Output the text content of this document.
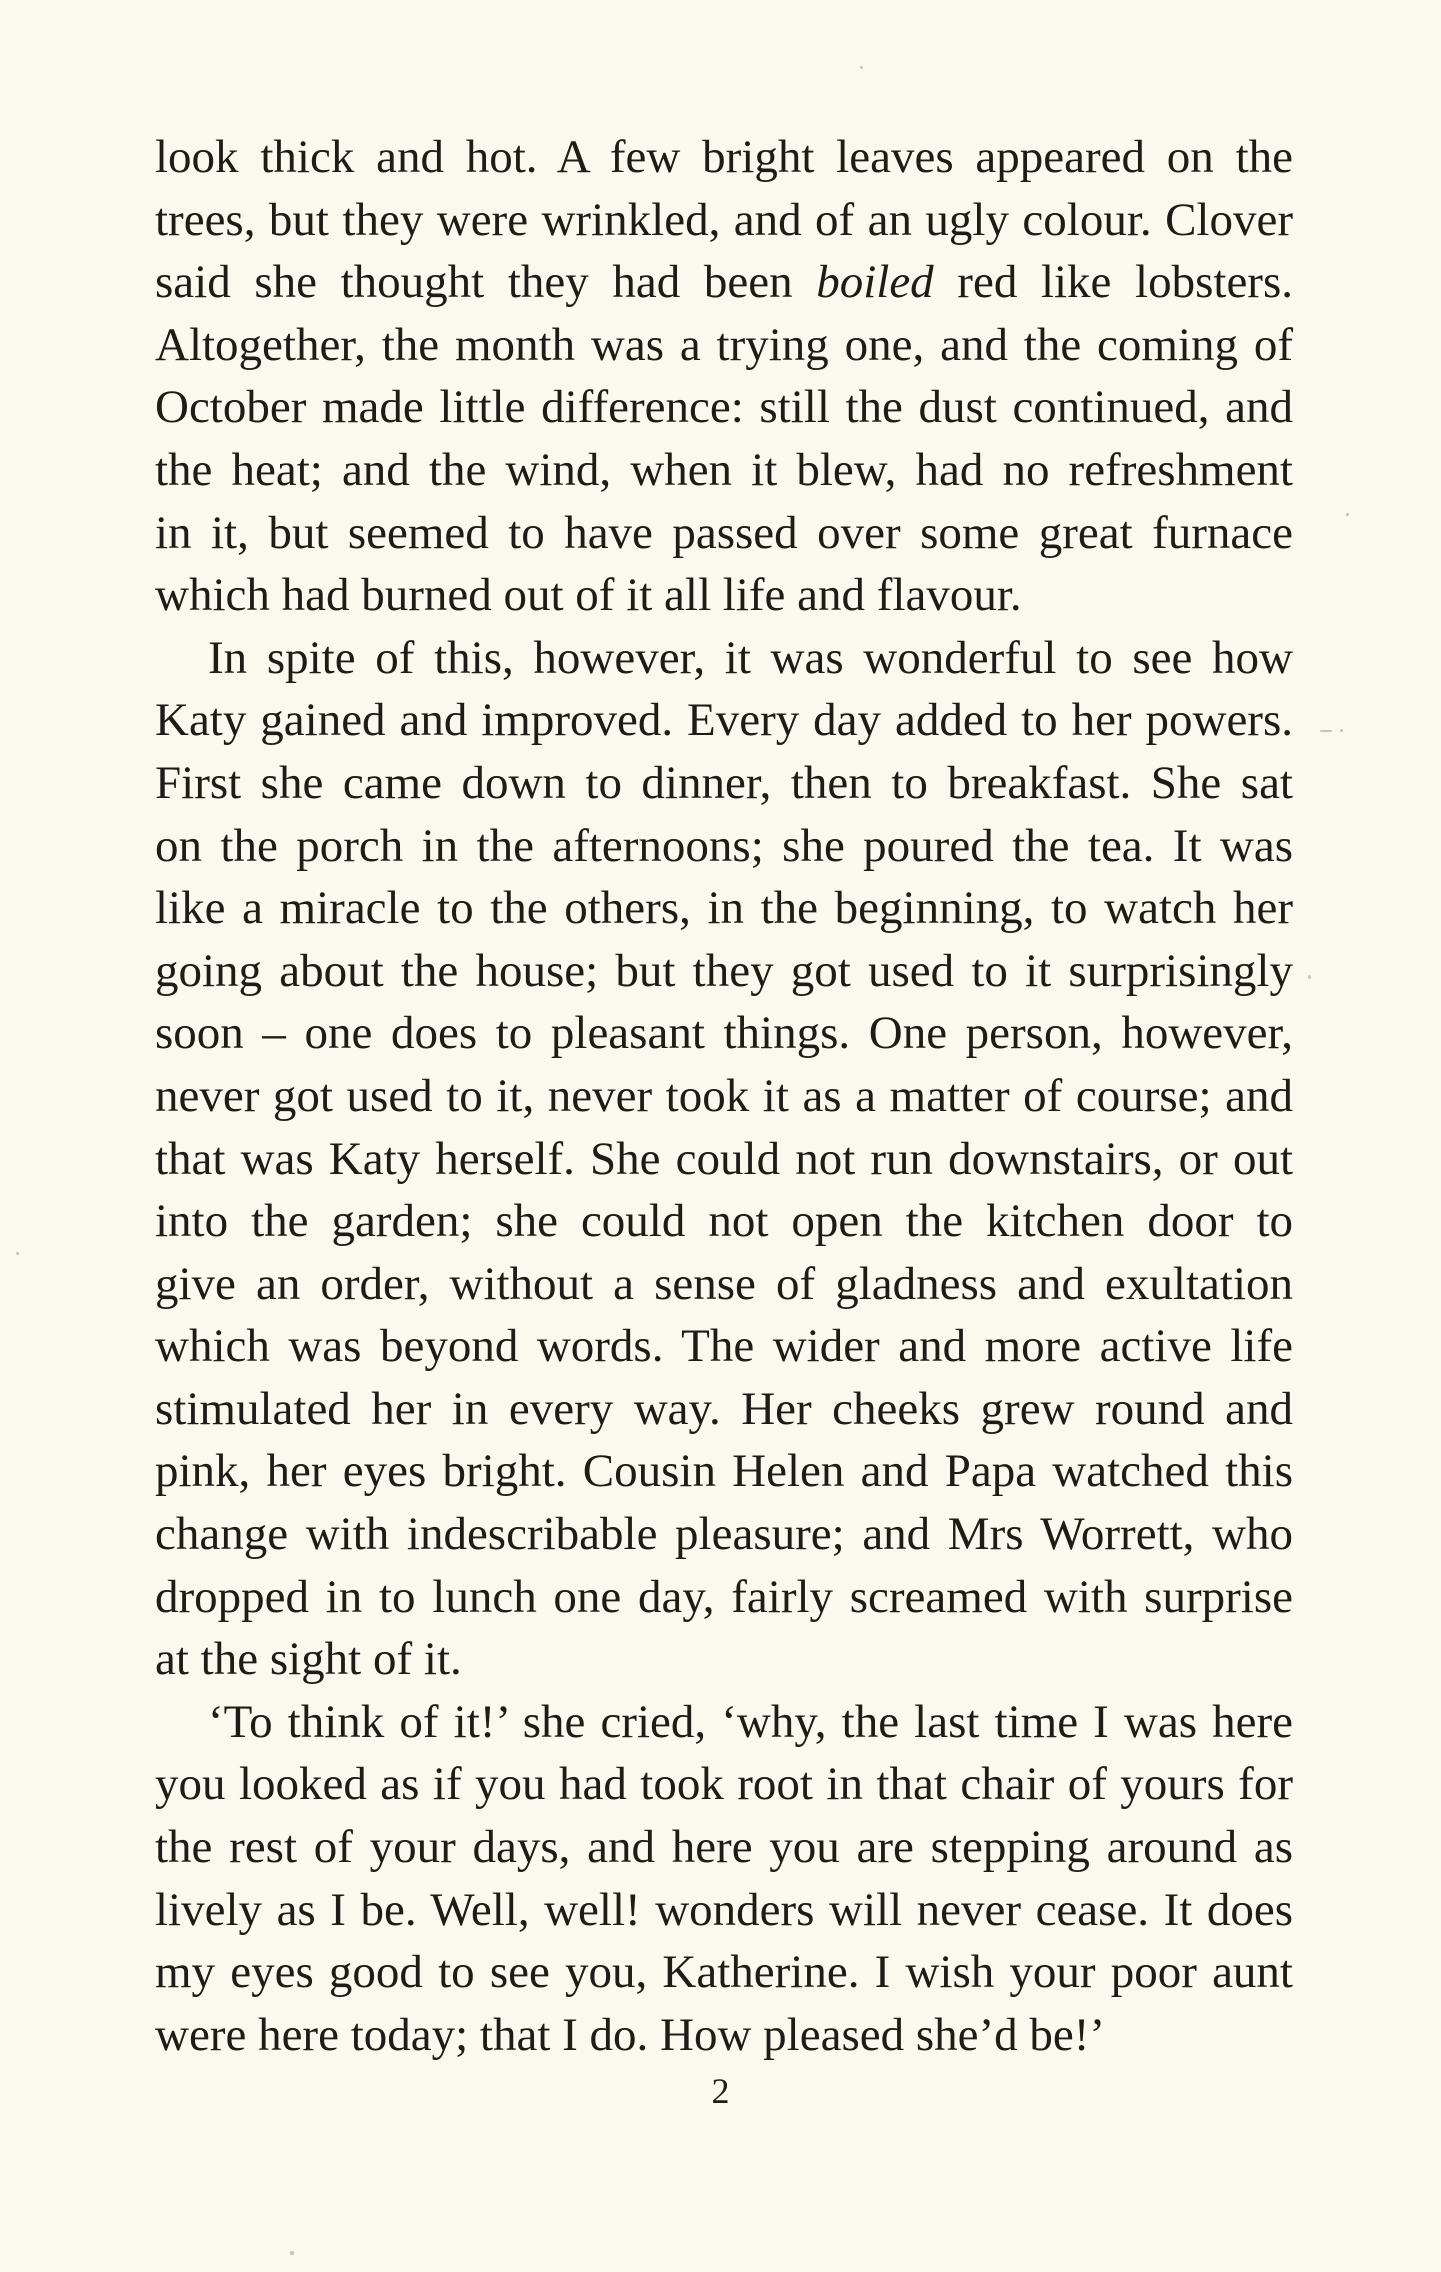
look thick and hot. A few bright leaves appeared on the
trees, but they were wrinkled, and of an ugly colour. Clover
said she thought they had been boiled red like lobsters.
Altogether, the month was a trying one, and the coming of
October made little difference: still the dust continued, and
the heat; and the wind, when it blew, had no refreshment
in it, but seemed to have passed over some great furnace
which had burned out of it all life and flavour.
In spite of this, however, it was wonderful to see how
Katy gained and improved. Every day added to her powers.
First she came down to dinner, then to breakfast. She sat
on the porch in the afternoons; she poured the tea. It was
like a miracle to the others, in the beginning, to watch her
going about the house; but they got used to it surprisingly
soon – one does to pleasant things. One person, however,
never got used to it, never took it as a matter of course; and
that was Katy herself. She could not run downstairs, or out
into the garden; she could not open the kitchen door to
give an order, without a sense of gladness and exultation
which was beyond words. The wider and more active life
stimulated her in every way. Her cheeks grew round and
pink, her eyes bright. Cousin Helen and Papa watched this
change with indescribable pleasure; and Mrs Worrett, who
dropped in to lunch one day, fairly screamed with surprise
at the sight of it.
‘To think of it!’ she cried, ‘why, the last time I was here
you looked as if you had took root in that chair of yours for
the rest of your days, and here you are stepping around as
lively as I be. Well, well! wonders will never cease. It does
my eyes good to see you, Katherine. I wish your poor aunt
were here today; that I do. How pleased she’d be!’
2
